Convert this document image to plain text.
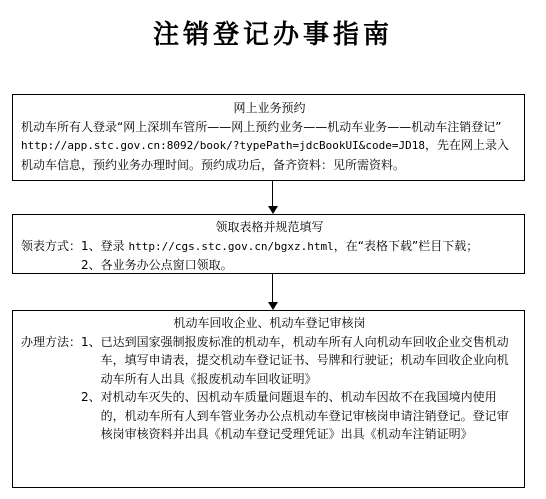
注销登记办事指南
网上业务预约
机动车所有人登录“网上深圳车管所——网上预约业务——机动车业务——机动车注销登记” http://app.stc.gov.cn:8092/book/?typePath=jdcBookUI&code=JD18，先在网上录入机动车信息，预约业务办理时间。预约成功后，备齐资料：见所需资料。
领取表格并规范填写
领表方式： 1、 登录 http://cgs.stc.gov.cn/bgxz.html，在“表格下载”栏目下载；
2、 各业务办公点窗口领取。
机动车回收企业、机动车登记审核岗
办理方法： 1、 已达到国家强制报废标准的机动车，机动车所有人向机动车回收企业交售机动车，填写申请表，提交机动车登记证书、号牌和行驶证；机动车回收企业向机动车所有人出具《报废机动车回收证明》
2、 对机动车灭失的、因机动车质量问题退车的、机动车因故不在我国境内使用的，机动车所有人到车管业务办公点机动车登记审核岗申请注销登记。登记审核岗审核资料并出具《机动车登记受理凭证》出具《机动车注销证明》
